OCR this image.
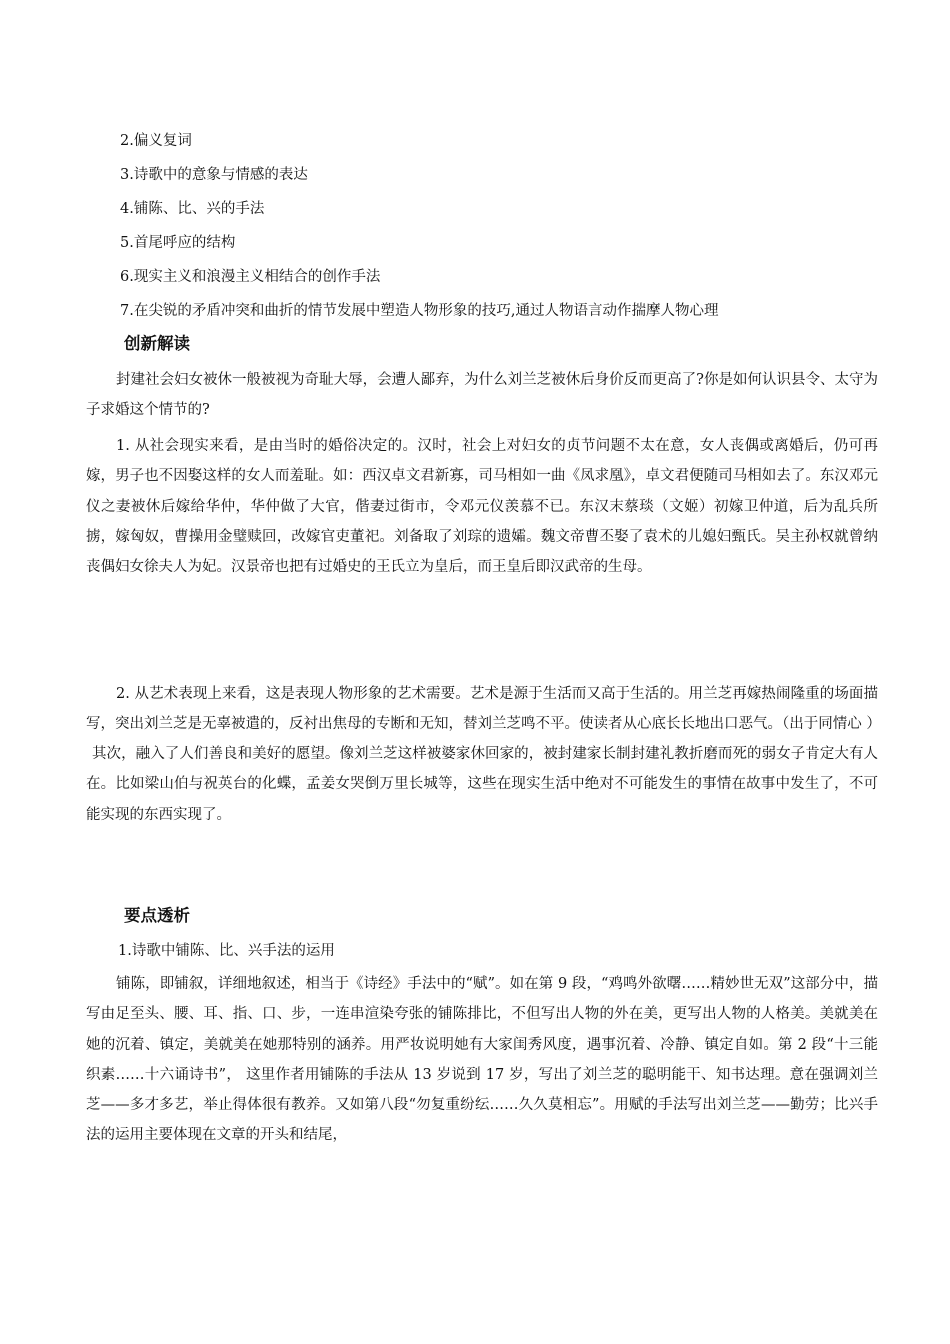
2.偏义复词
3.诗歌中的意象与情感的表达
4.铺陈、比、兴的手法
5.首尾呼应的结构
6.现实主义和浪漫主义相结合的创作手法
7.在尖锐的矛盾冲突和曲折的情节发展中塑造人物形象的技巧,通过人物语言动作揣摩人物心理
创新解读

封建社会妇女被休一般被视为奇耻大辱，会遭人鄙弃，为什么刘兰芝被休后身价反而更高了?你是如何认识县令、太守为子求婚这个情节的?

1. 从社会现实来看，是由当时的婚俗决定的。汉时，社会上对妇女的贞节问题不太在意，女人丧偶或离婚后，仍可再嫁，男子也不因娶这样的女人而羞耻。如：西汉卓文君新寡，司马相如一曲《凤求凰》，卓文君便随司马相如去了。东汉邓元仪之妻被休后嫁给华仲，华仲做了大官，偕妻过街市，令邓元仪羡慕不已。东汉末蔡琰（文姬）初嫁卫仲道，后为乱兵所掳，嫁匈奴，曹操用金璧赎回，改嫁官吏董祀。刘备取了刘琮的遗孀。魏文帝曹丕娶了袁术的儿媳妇甄氏。吴主孙权就曾纳丧偶妇女徐夫人为妃。汉景帝也把有过婚史的王氏立为皇后，而王皇后即汉武帝的生母。

2. 从艺术表现上来看，这是表现人物形象的艺术需要。艺术是源于生活而又高于生活的。用兰芝再嫁热闹隆重的场面描写，突出刘兰芝是无辜被遣的，反衬出焦母的专断和无知，替刘兰芝鸣不平。使读者从心底长长地出口恶气。（出于同情心 ）

其次，融入了人们善良和美好的愿望。像刘兰芝这样被婆家休回家的，被封建家长制封建礼教折磨而死的弱女子肯定大有人在。比如梁山伯与祝英台的化蝶，孟姜女哭倒万里长城等，这些在现实生活中绝对不可能发生的事情在故事中发生了，不可能实现的东西实现了。

要点透析
1.诗歌中铺陈、比、兴手法的运用

铺陈，即铺叙，详细地叙述，相当于《诗经》手法中的“赋”。如在第 9 段，“鸡鸣外欲曙……精妙世无双”这部分中，描写由足至头、腰、耳、指、口、步，一连串渲染夸张的铺陈排比，不但写出人物的外在美，更写出人物的人格美。美就美在她的沉着、镇定，美就美在她那特别的涵养。用严妆说明她有大家闺秀风度，遇事沉着、冷静、镇定自如。第 2 段“十三能织素……十六诵诗书”， 这里作者用铺陈的手法从 13 岁说到 17 岁，写出了刘兰芝的聪明能干、知书达理。意在强调刘兰芝——多才多艺，举止得体很有教养。又如第八段“勿复重纷纭……久久莫相忘”。用赋的手法写出刘兰芝——勤劳；比兴手法的运用主要体现在文章的开头和结尾，
